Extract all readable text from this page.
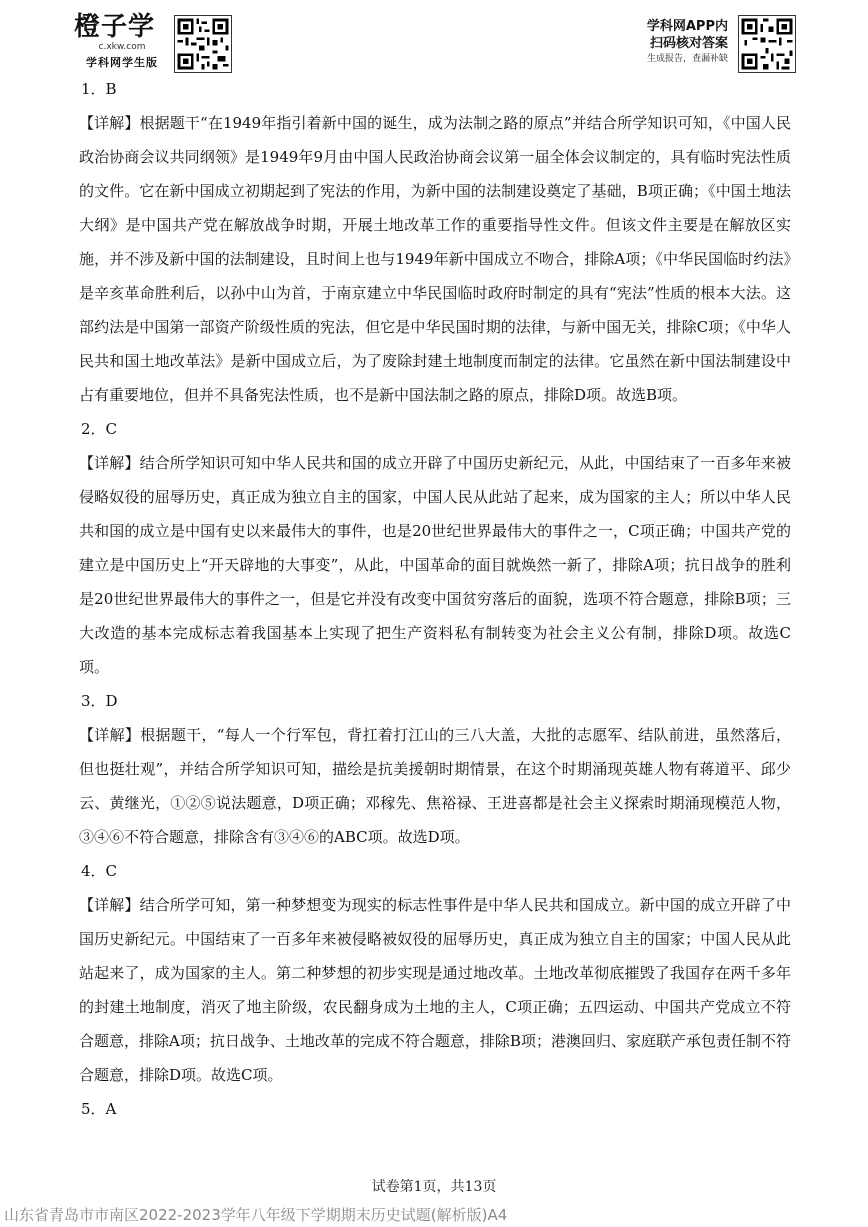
橙子学
c.xkw.com
学科网学生版
学科网APP内
扫码核对答案
生成报告，查漏补缺
1．B
【详解】根据题干“在1949年指引着新中国的诞生，成为法制之路的原点”并结合所学知识可知，《中国人民政治协商会议共同纲领》是1949年9月由中国人民政治协商会议第一届全体会议制定的，具有临时宪法性质的文件。它在新中国成立初期起到了宪法的作用，为新中国的法制建设奠定了基础，B项正确；《中国土地法大纲》是中国共产党在解放战争时期，开展土地改革工作的重要指导性文件。但该文件主要是在解放区实施，并不涉及新中国的法制建设，且时间上也与1949年新中国成立不吻合，排除A项；《中华民国临时约法》是辛亥革命胜利后，以孙中山为首，于南京建立中华民国临时政府时制定的具有“宪法”性质的根本大法。这部约法是中国第一部资产阶级性质的宪法，但它是中华民国时期的法律，与新中国无关，排除C项；《中华人民共和国土地改革法》是新中国成立后，为了废除封建土地制度而制定的法律。它虽然在新中国法制建设中占有重要地位，但并不具备宪法性质，也不是新中国法制之路的原点，排除D项。故选B项。
2．C
【详解】结合所学知识可知中华人民共和国的成立开辟了中国历史新纪元，从此，中国结束了一百多年来被侵略奴役的屈辱历史，真正成为独立自主的国家，中国人民从此站了起来，成为国家的主人；所以中华人民共和国的成立是中国有史以来最伟大的事件，也是20世纪世界最伟大的事件之一，C项正确；中国共产党的建立是中国历史上“开天辟地的大事变”，从此，中国革命的面目就焕然一新了，排除A项；抗日战争的胜利是20世纪世界最伟大的事件之一，但是它并没有改变中国贫穷落后的面貌，选项不符合题意，排除B项；三大改造的基本完成标志着我国基本上实现了把生产资料私有制转变为社会主义公有制，排除D项。故选C项。
3．D
【详解】根据题干，“每人一个行军包，背扛着打江山的三八大盖，大批的志愿军、结队前进，虽然落后，但也挺壮观”，并结合所学知识可知，描绘是抗美援朝时期情景，在这个时期涌现英雄人物有蒋道平、邱少云、黄继光，①②⑤说法题意，D项正确；邓稼先、焦裕禄、王进喜都是社会主义探索时期涌现模范人物，③④⑥不符合题意，排除含有③④⑥的ABC项。故选D项。
4．C
【详解】结合所学可知，第一种梦想变为现实的标志性事件是中华人民共和国成立。新中国的成立开辟了中国历史新纪元。中国结束了一百多年来被侵略被奴役的屈辱历史，真正成为独立自主的国家；中国人民从此站起来了，成为国家的主人。第二种梦想的初步实现是通过地改革。土地改革彻底摧毁了我国存在两千多年的封建土地制度，消灭了地主阶级，农民翻身成为土地的主人，C项正确；五四运动、中国共产党成立不符合题意，排除A项；抗日战争、土地改革的完成不符合题意，排除B项；港澳回归、家庭联产承包责任制不符合题意，排除D项。故选C项。
5．A
试卷第1页，共13页
山东省青岛市市南区2022-2023学年八年级下学期期末历史试题(解析版)A4
